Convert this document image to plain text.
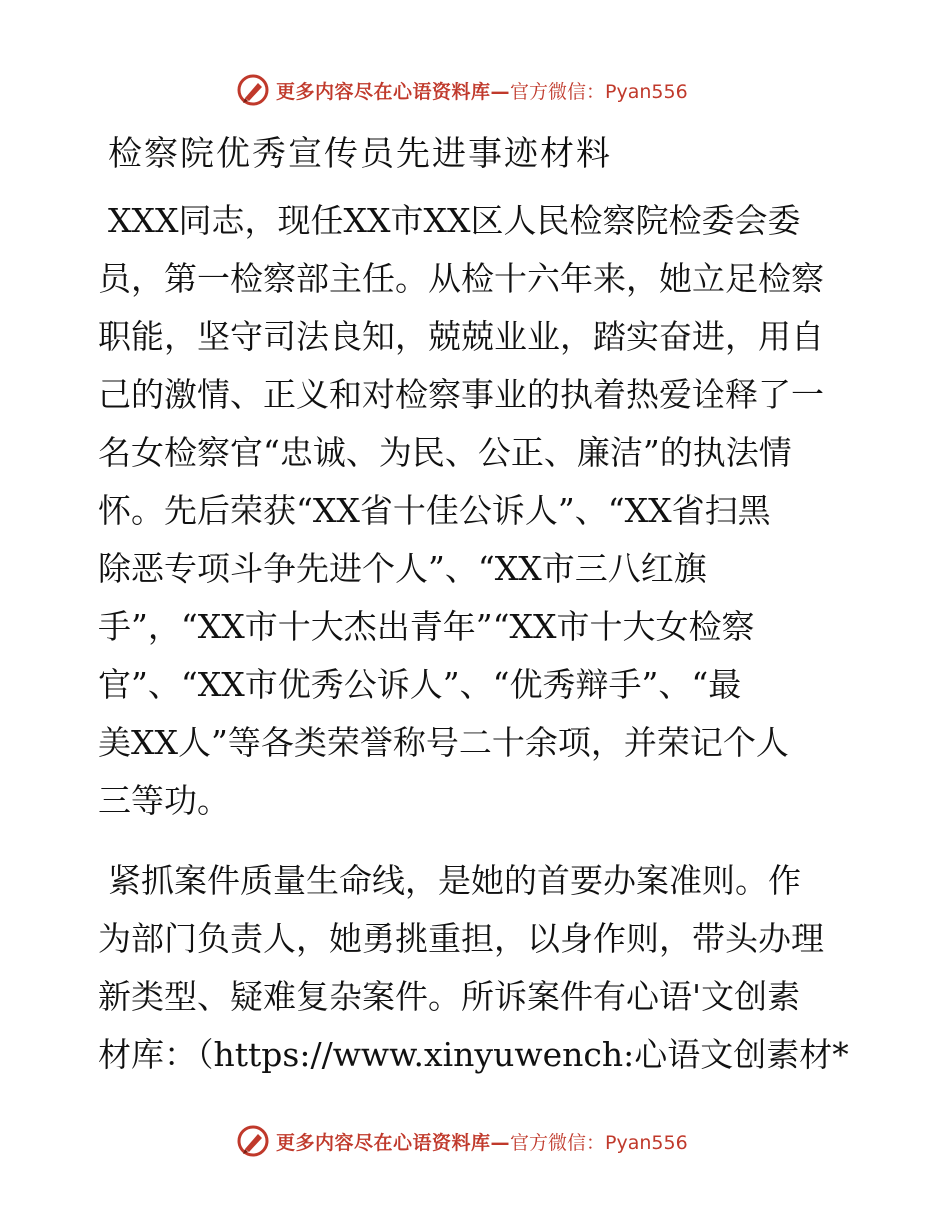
更多内容尽在心语资料库— 官方微信：Pyan556
检察院优秀宣传员先进事迹材料
XXX同志，现任XX市XX区人民检察院检委会委
员，第一检察部主任。从检十六年来，她立足检察
职能，坚守司法良知，兢兢业业，踏实奋进，用自
己的激情、正义和对检察事业的执着热爱诠释了一
名女检察官“忠诚、为民、公正、廉洁”的执法情
怀。先后荣获“XX省十佳公诉人”、“XX省扫黑
除恶专项斗争先进个人”、“XX市三八红旗
手”，“XX市十大杰出青年”“XX市十大女检察
官”、“XX市优秀公诉人”、“优秀辩手”、“最
美XX人”等各类荣誉称号二十余项，并荣记个人
三等功。
紧抓案件质量生命线，是她的首要办案准则。作
为部门负责人，她勇挑重担，以身作则，带头办理
新类型、疑难复杂案件。所诉案件有心语'文创素
材库：（https://www.xinyuwench:心语文创素材*
更多内容尽在心语资料库— 官方微信：Pyan556
